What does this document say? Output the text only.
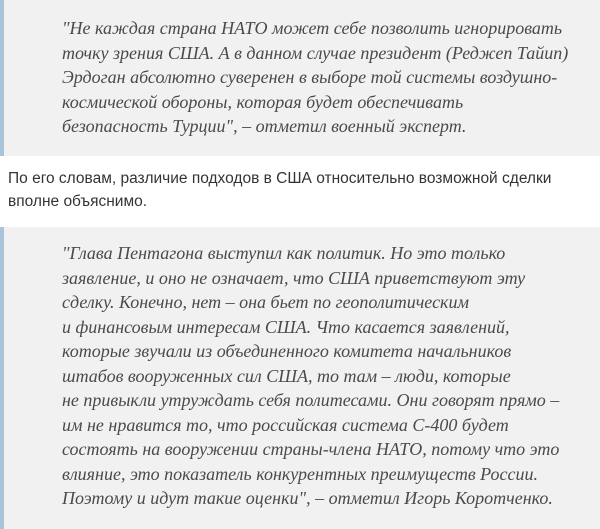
"Не каждая страна НАТО может себе позволить игнорировать
точку зрения США. А в данном случае президент (Реджеп Тайип)
Эрдоган абсолютно суверенен в выборе той системы воздушно-
космической обороны, которая будет обеспечивать
безопасность Турции", – отметил военный эксперт.

По его словам, различие подходов в США относительно возможной сделки
вполне объяснимо.

"Глава Пентагона выступил как политик. Но это только
заявление, и оно не означает, что США приветствуют эту
сделку. Конечно, нет – она бьет по геополитическим
и финансовым интересам США. Что касается заявлений,
которые звучали из объединенного комитета начальников
штабов вооруженных сил США, то там – люди, которые
не привыкли утруждать себя политесами. Они говорят прямо –
им не нравится то, что российская система С-400 будет
состоять на вооружении страны-члена НАТО, потому что это
влияние, это показатель конкурентных преимуществ России.
Поэтому и идут такие оценки", – отметил Игорь Коротченко.
